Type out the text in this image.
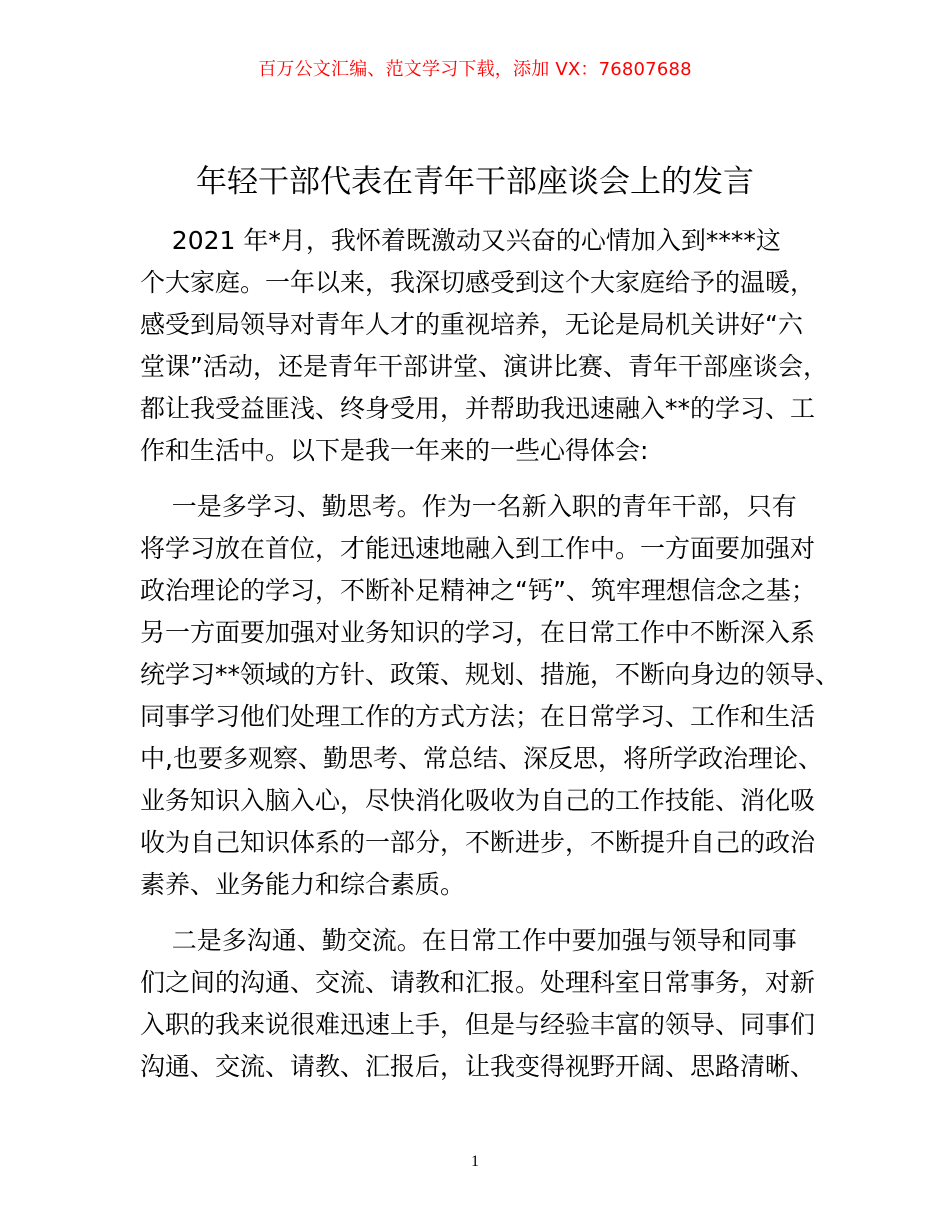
百万公文汇编、范文学习下载，添加 VX：76807688
年轻干部代表在青年干部座谈会上的发言
2021 年*月，我怀着既激动又兴奋的心情加入到****这
个大家庭。一年以来，我深切感受到这个大家庭给予的温暖，
感受到局领导对青年人才的重视培养，无论是局机关讲好“六
堂课”活动，还是青年干部讲堂、演讲比赛、青年干部座谈会，
都让我受益匪浅、终身受用，并帮助我迅速融入**的学习、工
作和生活中。以下是我一年来的一些心得体会:
一是多学习、勤思考。作为一名新入职的青年干部，只有
将学习放在首位，才能迅速地融入到工作中。一方面要加强对
政治理论的学习，不断补足精神之“钙”、筑牢理想信念之基；
另一方面要加强对业务知识的学习，在日常工作中不断深入系
统学习**领域的方针、政策、规划、措施，不断向身边的领导、
同事学习他们处理工作的方式方法；在日常学习、工作和生活
中,也要多观察、勤思考、常总结、深反思，将所学政治理论、
业务知识入脑入心，尽快消化吸收为自己的工作技能、消化吸
收为自己知识体系的一部分，不断进步，不断提升自己的政治
素养、业务能力和综合素质。
二是多沟通、勤交流。在日常工作中要加强与领导和同事
们之间的沟通、交流、请教和汇报。处理科室日常事务，对新
入职的我来说很难迅速上手，但是与经验丰富的领导、同事们
沟通、交流、请教、汇报后，让我变得视野开阔、思路清晰、
1
